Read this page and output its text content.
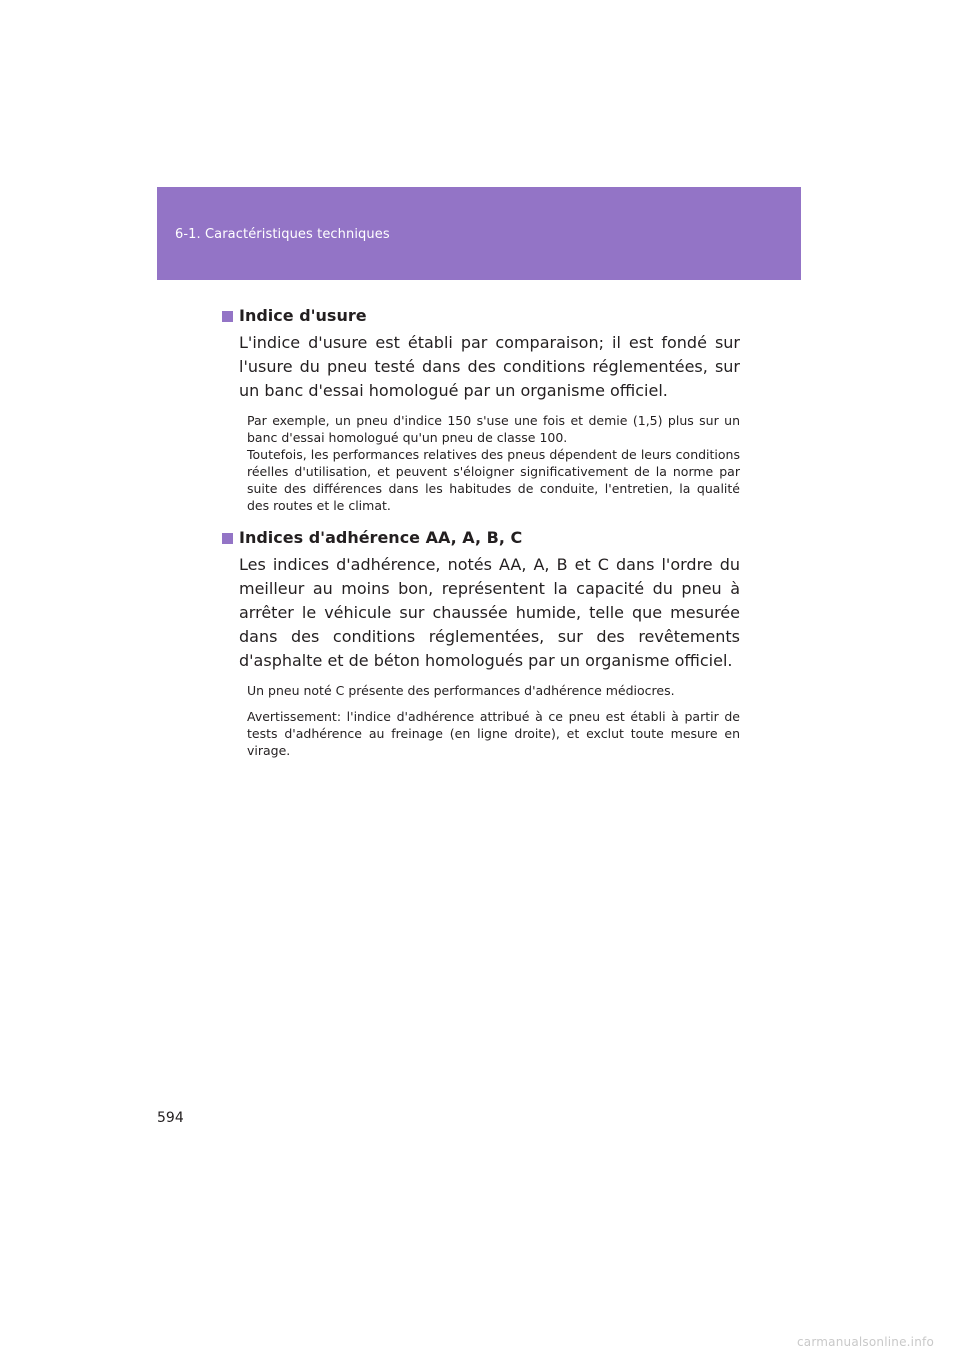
6-1. Caractéristiques techniques
Indice d'usure

L'indice d'usure est établi par comparaison; il est fondé sur l'usure du pneu testé dans des conditions réglementées, sur un banc d'essai homologué par un organisme officiel.

Par exemple, un pneu d'indice 150 s'use une fois et demie (1,5) plus sur un banc d'essai homologué qu'un pneu de classe 100.

Toutefois, les performances relatives des pneus dépendent de leurs conditions réelles d'utilisation, et peuvent s'éloigner significativement de la norme par suite des différences dans les habitudes de conduite, l'entretien, la qualité des routes et le climat.

Indices d'adhérence AA, A, B, C

Les indices d'adhérence, notés AA, A, B et C dans l'ordre du meilleur au moins bon, représentent la capacité du pneu à arrêter le véhicule sur chaussée humide, telle que mesurée dans des conditions réglementées, sur des revêtements d'asphalte et de béton homologués par un organisme officiel.

Un pneu noté C présente des performances d'adhérence médiocres.

Avertissement: l'indice d'adhérence attribué à ce pneu est établi à partir de tests d'adhérence au freinage (en ligne droite), et exclut toute mesure en virage.

594
carmanualsonline.info
